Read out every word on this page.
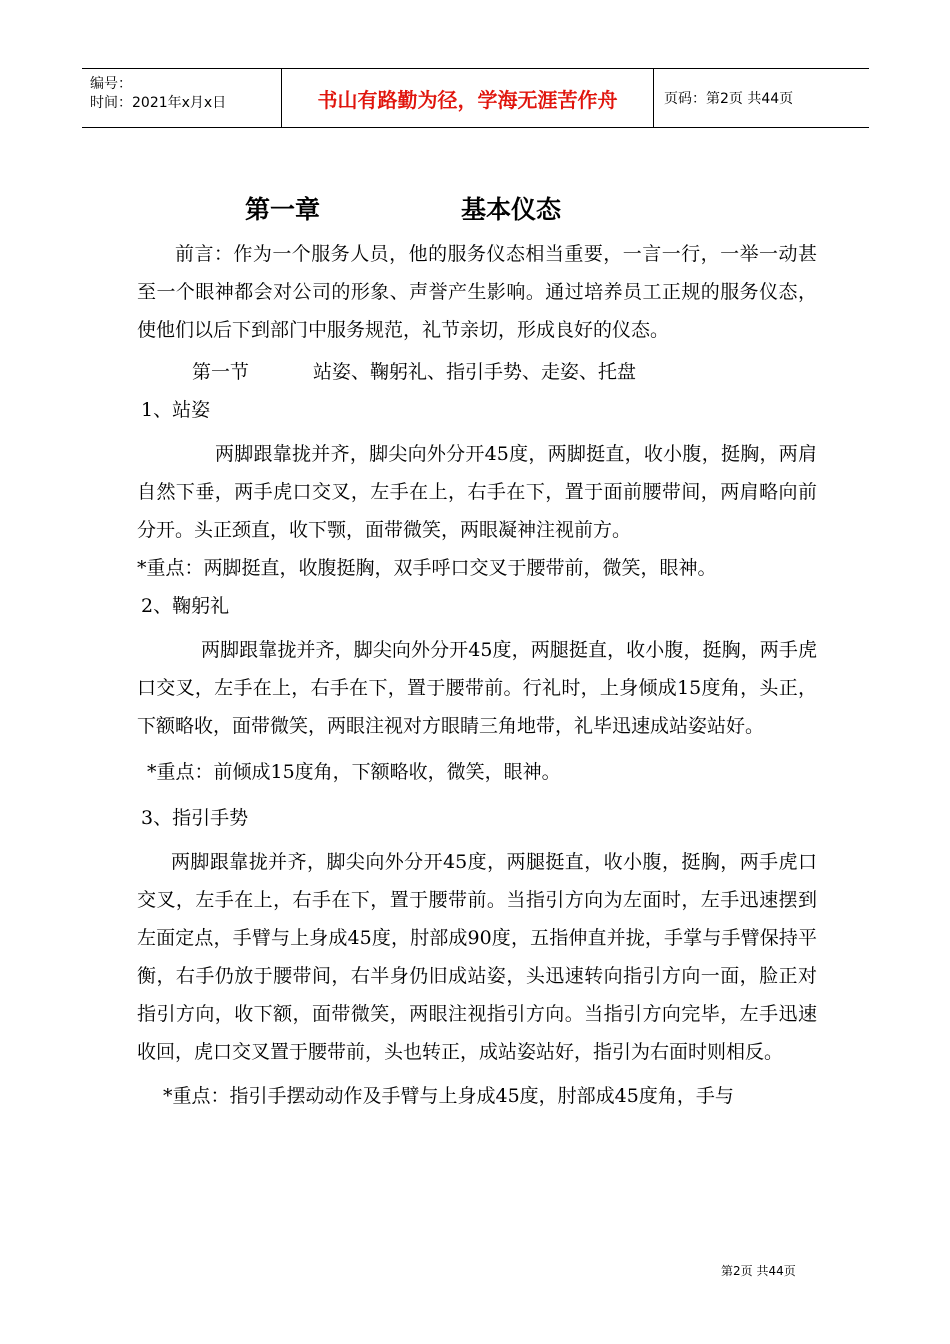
编号：
时间：2021年x月x日	书山有路勤为径，学海无涯苦作舟	页码：第2页 共44页
第一章	基本仪态

前言：作为一个服务人员，他的服务仪态相当重要，一言一行，一举一动甚至一个眼神都会对公司的形象、声誉产生影响。通过培养员工正规的服务仪态，使他们以后下到部门中服务规范，礼节亲切，形成良好的仪态。

第一节	站姿、鞠躬礼、指引手势、走姿、托盘

1、站姿

两脚跟靠拢并齐，脚尖向外分开45度，两脚挺直，收小腹，挺胸，两肩自然下垂，两手虎口交叉，左手在上，右手在下，置于面前腰带间，两肩略向前分开。头正颈直，收下颚，面带微笑，两眼凝神注视前方。

*重点：两脚挺直，收腹挺胸，双手呼口交叉于腰带前，微笑，眼神。

2、鞠躬礼

两脚跟靠拢并齐，脚尖向外分开45度，两腿挺直，收小腹，挺胸，两手虎口交叉，左手在上，右手在下，置于腰带前。行礼时，上身倾成15度角，头正，下额略收，面带微笑，两眼注视对方眼睛三角地带，礼毕迅速成站姿站好。

*重点：前倾成15度角，下额略收，微笑，眼神。

3、指引手势

两脚跟靠拢并齐，脚尖向外分开45度，两腿挺直，收小腹，挺胸，两手虎口交叉，左手在上，右手在下，置于腰带前。当指引方向为左面时，左手迅速摆到左面定点，手臂与上身成45度，肘部成90度，五指伸直并拢，手掌与手臂保持平衡，右手仍放于腰带间，右半身仍旧成站姿，头迅速转向指引方向一面，脸正对指引方向，收下额，面带微笑，两眼注视指引方向。当指引方向完毕，左手迅速收回，虎口交叉置于腰带前，头也转正，成站姿站好，指引为右面时则相反。

*重点：指引手摆动动作及手臂与上身成45度，肘部成45度角，手与

第2页 共44页
